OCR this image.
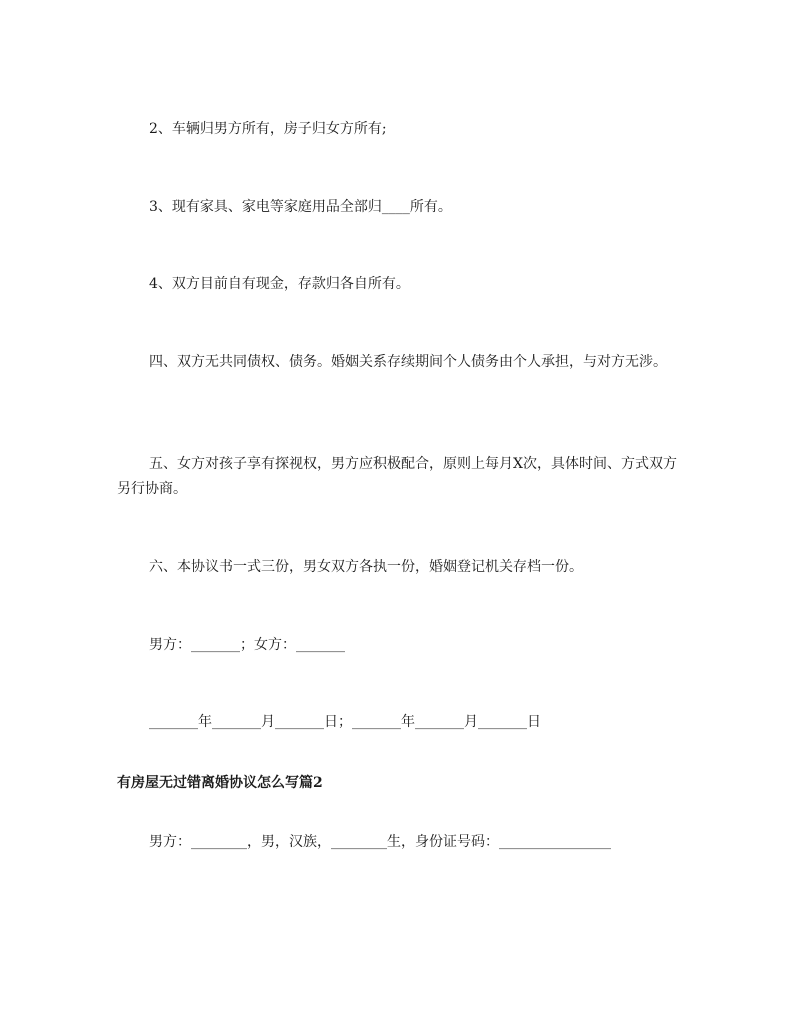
2、车辆归男方所有，房子归女方所有;

3、现有家具、家电等家庭用品全部归____所有。

4、双方目前自有现金，存款归各自所有。

四、双方无共同债权、债务。婚姻关系存续期间个人债务由个人承担，与对方无涉。

五、女方对孩子享有探视权，男方应积极配合，原则上每月X次，具体时间、方式双方另行协商。

六、本协议书一式三份，男女双方各执一份，婚姻登记机关存档一份。

男方：_______；女方：_______

_______年_______月_______日；_______年_______月_______日

有房屋无过错离婚协议怎么写篇2

男方：________，男，汉族，________生，身份证号码：________________
